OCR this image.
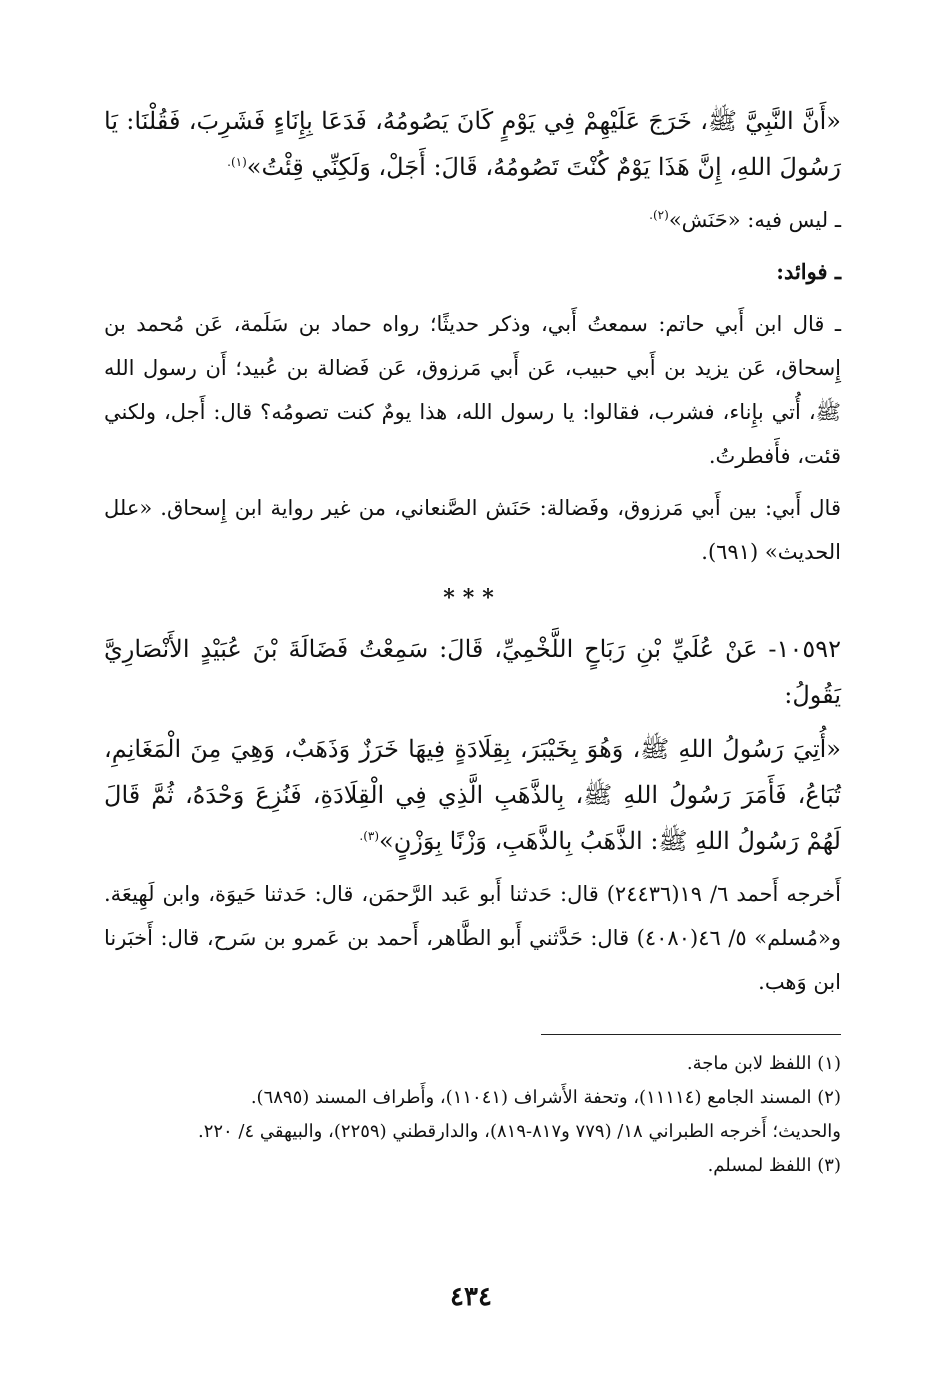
«أَنَّ النَّبِيَّ ﷺ، خَرَجَ عَلَيْهِمْ فِي يَوْمٍ كَانَ يَصُومُهُ، فَدَعَا بِإِنَاءٍ فَشَرِبَ، فَقُلْنَا: يَا رَسُولَ اللهِ، إِنَّ هَذَا يَوْمٌ كُنْتَ تَصُومُهُ، قَالَ: أَجَلْ، وَلَكِنِّي قِئْتُ»$^{(١).}$

ـ ليس فيه: «حَنَش»$^{(٢).}$

ـ فوائد:

ـ قال ابن أَبي حاتم: سمعتُ أَبي، وذكر حديثًا؛ رواه حماد بن سَلَمة، عَن مُحمد بن إِسحاق، عَن يزيد بن أَبي حبيب، عَن أَبي مَرزوق، عَن فَضالة بن عُبيد؛ أَن رسول الله ﷺ، أُتي بإِناء، فشرب، فقالوا: يا رسول الله، هذا يومٌ كنت تصومُه؟ قال: أَجل، ولكني قئت، فأَفطرتُ.

قال أَبي: بين أَبي مَرزوق، وفَضالة: حَنَش الصَّنعاني، من غير رواية ابن إِسحاق. «علل الحديث» (٦٩١).

***

١٠٥٩٢- عَنْ عُلَيِّ بْنِ رَبَاحٍ اللَّخْمِيِّ، قَالَ: سَمِعْتُ فَضَالَةَ بْنَ عُبَيْدٍ الأَنْصَارِيَّ يَقُولُ:

«أُتِيَ رَسُولُ اللهِ ﷺ، وَهُوَ بِخَيْبَرَ، بِقِلَادَةٍ فِيهَا خَرَزٌ وَذَهَبٌ، وَهِيَ مِنَ الْمَغَانِمِ، تُبَاعُ، فَأَمَرَ رَسُولُ اللهِ ﷺ، بِالذَّهَبِ الَّذِي فِي الْقِلَادَةِ، فَنُزِعَ وَحْدَهُ، ثُمَّ قَالَ لَهُمْ رَسُولُ اللهِ ﷺ: الذَّهَبُ بِالذَّهَبِ، وَزْنًا بِوَزْنٍ»$^{(٣).}$

أَخرجه أَحمد ٦/ ١٩(٢٤٤٣٦) قال: حَدثنا أَبو عَبد الرَّحمَن، قال: حَدثنا حَيوَة، وابن لَهِيعَة. و«مُسلم» ٥/ ٤٦(٤٠٨٠) قال: حَدَّثني أَبو الطَّاهر، أَحمد بن عَمرو بن سَرح، قال: أَخبَرنا ابن وَهب.

(١) اللفظ لابن ماجة.

(٢) المسند الجامع (١١١١٤)، وتحفة الأَشراف (١١٠٤١)، وأَطراف المسند (٦٨٩٥).

والحديث؛ أَخرجه الطبراني ١٨/ (٧٧٩ و٨١٧-٨١٩)، والدارقطني (٢٢٥٩)، والبيهقي ٤/ ٢٢٠.

(٣) اللفظ لمسلم.

٤٣٤
